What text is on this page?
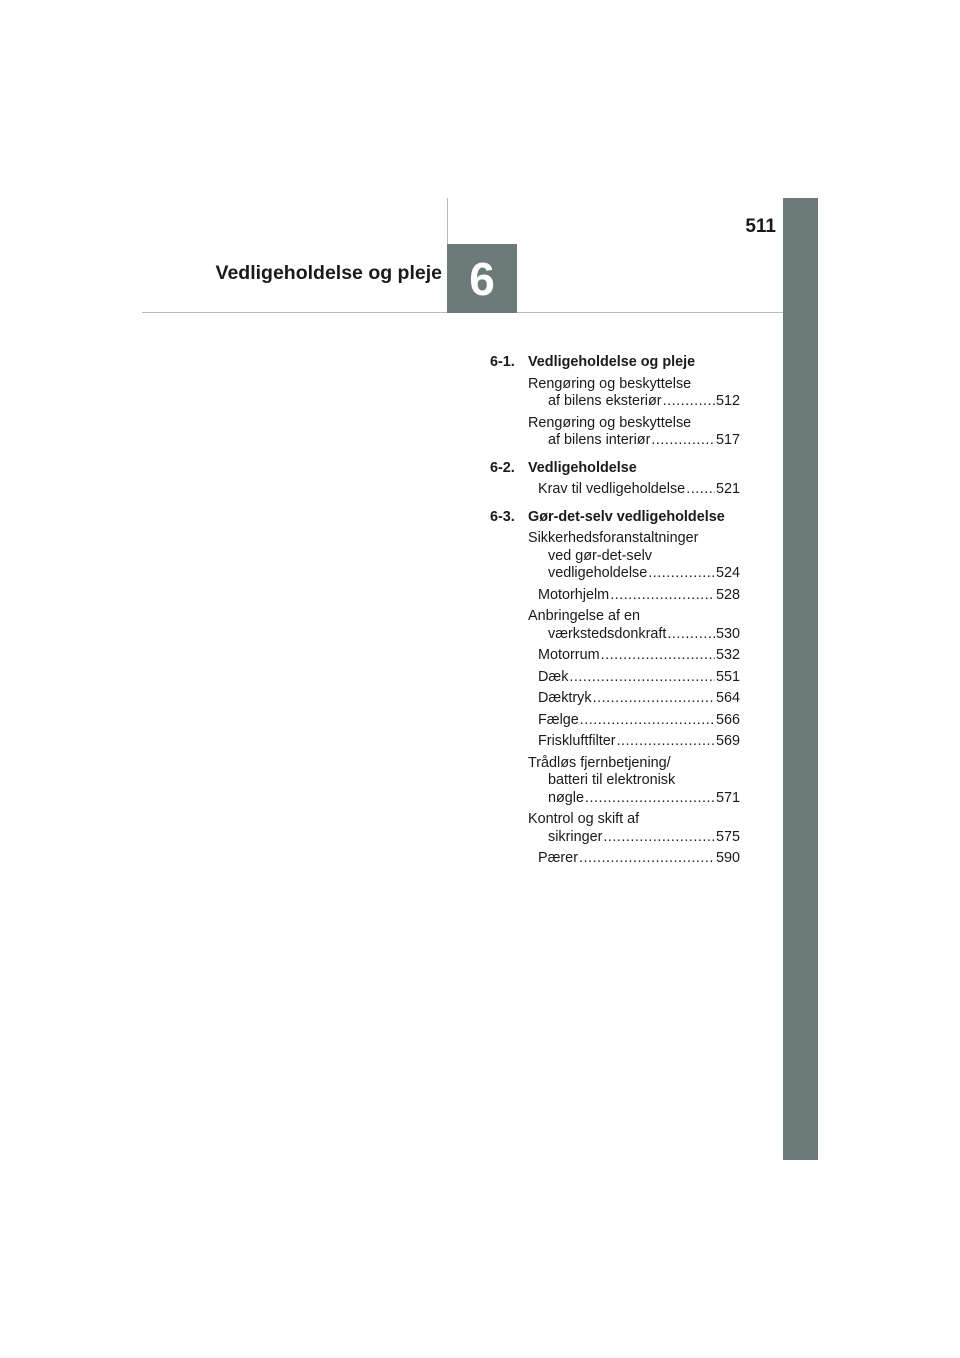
511
6
Vedligeholdelse og pleje
6-1. Vedligeholdelse og pleje
Rengøring og beskyttelse
af bilens eksteriør .....	512
Rengøring og beskyttelse
af bilens interiør .....	517
6-2. Vedligeholdelse
Krav til vedligeholdelse ..... 521
6-3. Gør-det-selv vedligeholdelse
Sikkerhedsforanstaltninger
ved gør-det-selv
vedligeholdelse .....	524
Motorhjelm .....	528
Anbringelse af en
værkstedsdonkraft .....	530
Motorrum .....	532
Dæk .....	551
Dæktryk .....	564
Fælge .....	566
Friskluftfilter .....	569
Trådløs fjernbetjening/
batteri til elektronisk
nøgle .....	571
Kontrol og skift af
sikringer .....	575
Pærer .....	590
